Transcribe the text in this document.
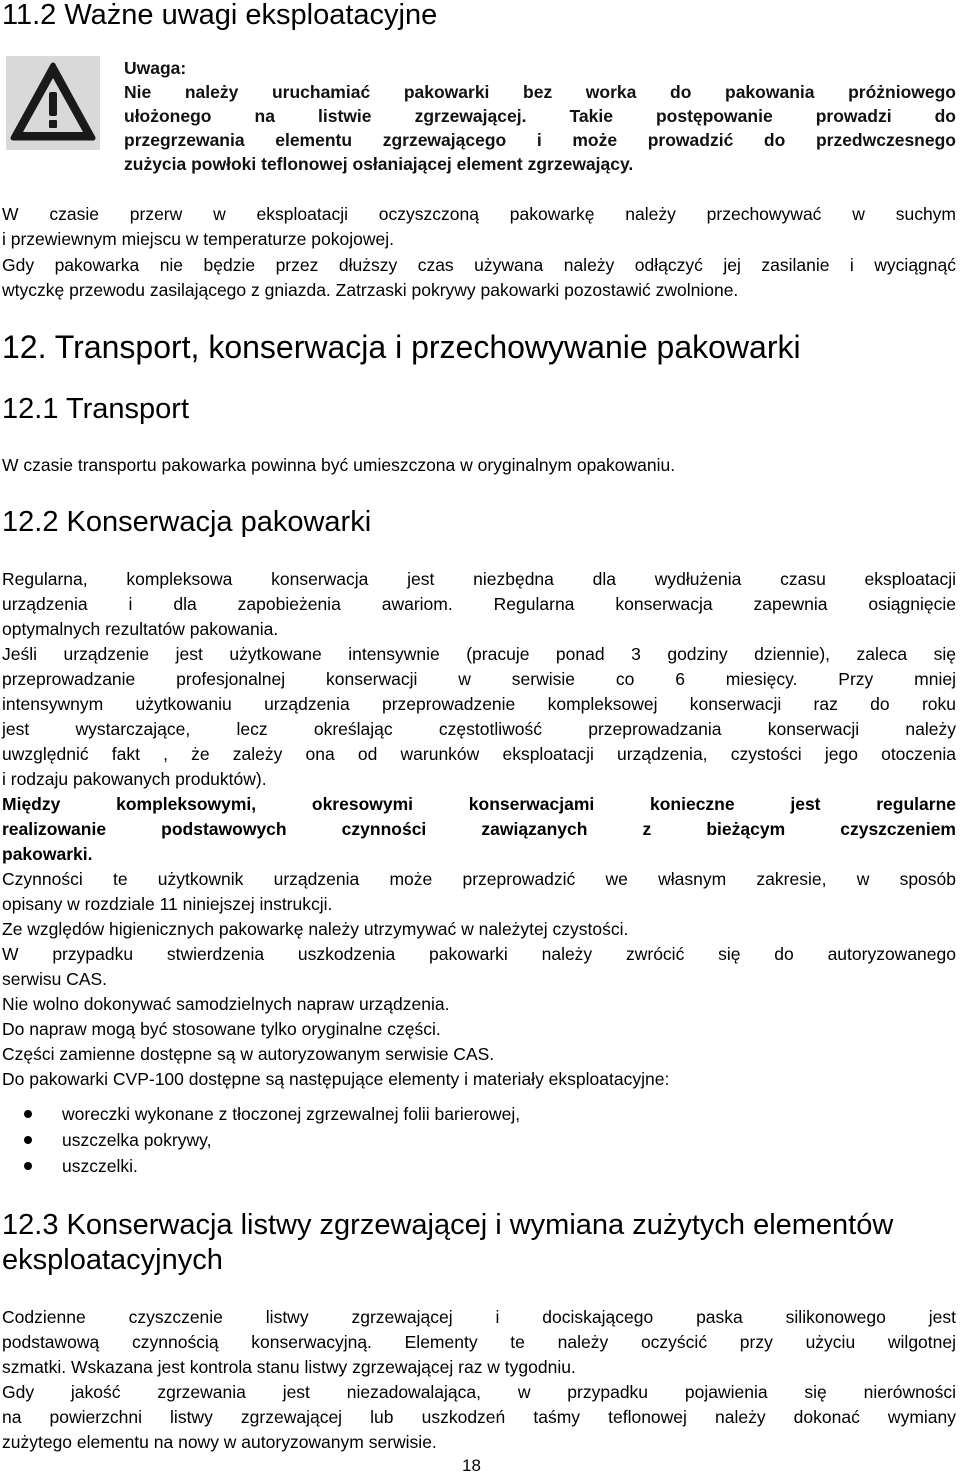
11.2 Ważne uwagi eksploatacyjne
Uwaga:
Nie należy uruchamiać pakowarki bez worka do pakowania próżniowego
ułożonego na listwie zgrzewającej. Takie postępowanie prowadzi do
przegrzewania elementu zgrzewającego i może prowadzić do przedwczesnego
zużycia powłoki teflonowej osłaniającej element zgrzewający.
W czasie przerw w eksploatacji oczyszczoną pakowarkę należy przechowywać w suchym
i przewiewnym miejscu w temperaturze pokojowej.
Gdy pakowarka nie będzie przez dłuższy czas używana należy odłączyć jej zasilanie i wyciągnąć
wtyczkę przewodu zasilającego z gniazda. Zatrzaski pokrywy pakowarki pozostawić zwolnione.
12. Transport, konserwacja i przechowywanie pakowarki
12.1 Transport
W czasie transportu pakowarka powinna być umieszczona w oryginalnym opakowaniu.
12.2 Konserwacja pakowarki
Regularna, kompleksowa konserwacja jest niezbędna dla wydłużenia czasu eksploatacji
urządzenia i dla zapobieżenia awariom. Regularna konserwacja zapewnia osiągnięcie
optymalnych rezultatów pakowania.
Jeśli urządzenie jest użytkowane intensywnie (pracuje ponad 3 godziny dziennie), zaleca się
przeprowadzanie profesjonalnej konserwacji w serwisie co 6 miesięcy. Przy mniej
intensywnym użytkowaniu urządzenia przeprowadzenie kompleksowej konserwacji raz do roku
jest wystarczające, lecz określając częstotliwość przeprowadzania konserwacji należy
uwzględnić fakt , że zależy ona od warunków eksploatacji urządzenia, czystości jego otoczenia
i rodzaju pakowanych produktów).
Między kompleksowymi, okresowymi konserwacjami konieczne jest regularne
realizowanie podstawowych czynności zawiązanych z bieżącym czyszczeniem
pakowarki.
Czynności te użytkownik urządzenia może przeprowadzić we własnym zakresie, w sposób
opisany w rozdziale 11 niniejszej instrukcji.
Ze względów higienicznych pakowarkę należy utrzymywać w należytej czystości.
W przypadku stwierdzenia uszkodzenia pakowarki należy zwrócić się do autoryzowanego
serwisu CAS.
Nie wolno dokonywać samodzielnych napraw urządzenia.
Do napraw mogą być stosowane tylko oryginalne części.
Części zamienne dostępne są w autoryzowanym serwisie CAS.
Do pakowarki CVP-100 dostępne są następujące elementy i materiały eksploatacyjne:
woreczki wykonane z tłoczonej zgrzewalnej folii barierowej,
uszczelka pokrywy,
uszczelki.
12.3 Konserwacja listwy zgrzewającej i wymiana zużytych elementów
eksploatacyjnych
Codzienne czyszczenie listwy zgrzewającej i dociskającego paska silikonowego jest
podstawową czynnością konserwacyjną. Elementy te należy oczyścić przy użyciu wilgotnej
szmatki. Wskazana jest kontrola stanu listwy zgrzewającej raz w tygodniu.
Gdy jakość zgrzewania jest niezadowalająca, w przypadku pojawienia się nierówności
na powierzchni listwy zgrzewającej lub uszkodzeń taśmy teflonowej należy dokonać wymiany
zużytego elementu na nowy w autoryzowanym serwisie.
18
